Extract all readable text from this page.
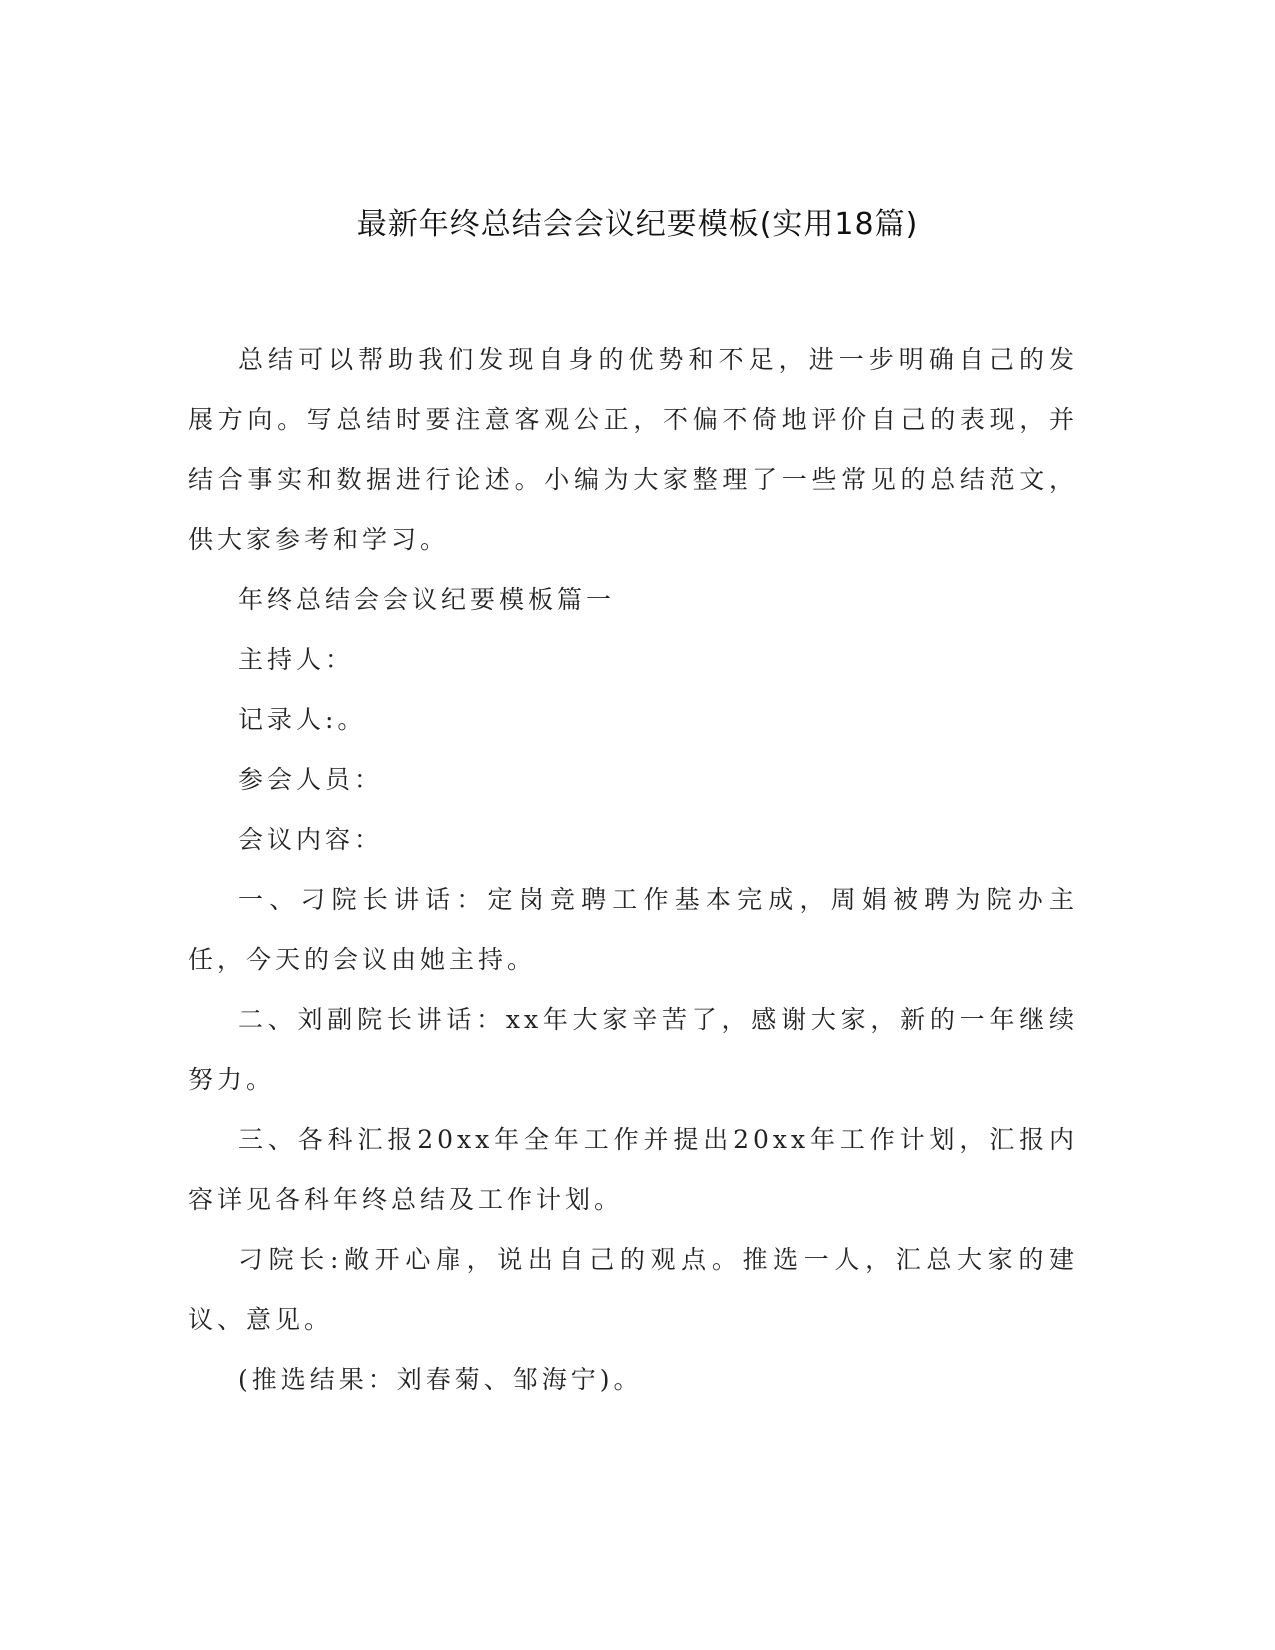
最新年终总结会会议纪要模板(实用18篇)

总结可以帮助我们发现自身的优势和不足，进一步明确自己的发展方向。写总结时要注意客观公正，不偏不倚地评价自己的表现，并结合事实和数据进行论述。小编为大家整理了一些常见的总结范文，供大家参考和学习。

年终总结会会议纪要模板篇一

主持人：

记录人:。

参会人员：

会议内容：

一、刁院长讲话：定岗竞聘工作基本完成，周娟被聘为院办主任，今天的会议由她主持。

二、刘副院长讲话：xx年大家辛苦了，感谢大家，新的一年继续努力。

三、各科汇报20xx年全年工作并提出20xx年工作计划，汇报内容详见各科年终总结及工作计划。

刁院长:敞开心扉，说出自己的观点。推选一人，汇总大家的建议、意见。

(推选结果：刘春菊、邹海宁)。
